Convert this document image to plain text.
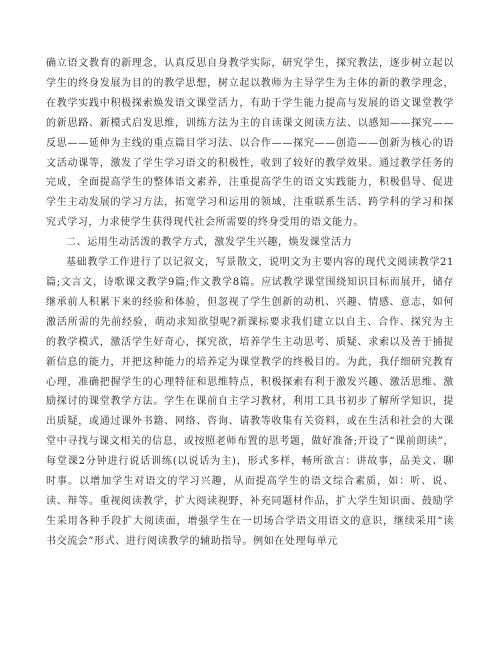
确立语文教育的新理念，认真反思自身教学实际，研究学生，探究教法，逐步树立起以学生的终身发展为目的的教学思想，树立起以教师为主导学生为主体的新的教学理念，在教学实践中积极探索焕发语文课堂活力，有助于学生能力提高与发展的语文课堂教学的新思路、新模式启发思维，训练方法为主的自读课文阅读方法、以感知——探究——反思——延伸为主线的重点篇目学习法、以合作——探究——创造——创新为核心的语文活动课等，激发了学生学习语文的积极性，收到了较好的教学效果。通过教学任务的完成，全面提高学生的整体语文素养，注重提高学生的语文实践能力，积极倡导、促进学生主动发展的学习方法，拓宽学习和运用的领域，注重联系生活、跨学科的学习和探究式学习，力求使学生获得现代社会所需要的终身受用的语文能力。

二、运用生动活泼的教学方式，激发学生兴趣，焕发课堂活力

基础教学工作进行了以记叙文，写景散文，说明文为主要内容的现代文阅读教学21篇;文言文，诗歌课文教学9篇;作文教学8篇。应试教学课堂围绕知识目标而展开，储存继承前人积累下来的经验和体验，但忽视了学生创新的动机、兴趣、情感、意志，如何激活所需的先前经验，萌动求知欲望呢?新课标要求我们建立以自主、合作、探究为主的教学模式，激活学生好奇心，探究欲，培养学生主动思考、质疑、求索以及善于捕捉新信息的能力，并把这种能力的培养定为课堂教学的终极目的。为此，我仔细研究教育心理，准确把握学生的心理特征和思维特点，积极探索有利于激发兴趣、激活思维、激励探讨的课堂教学方法。学生在课前自主学习教材，利用工具书初步了解所学知识，提出质疑，或通过课外书籍、网络、咨询、请教等收集有关资料，或在生活和社会的大课堂中寻找与课文相关的信息，或按照老师布置的思考题，做好准备;开设了“课前朗读”，每堂课2分钟进行说话训练(以说话为主)，形式多样，畅所欲言：讲故事，品美文、聊时事。以增加学生对语文的学习兴趣，从而提高学生的语文综合素质，如：听、说、读、辩等。重视阅读教学，扩大阅读视野，补充同题材作品，扩大学生知识面、鼓励学生采用各种手段扩大阅读面，增强学生在一切场合学语文用语文的意识，继续采用“读书交流会”形式、进行阅读教学的辅助指导。例如在处理每单元
